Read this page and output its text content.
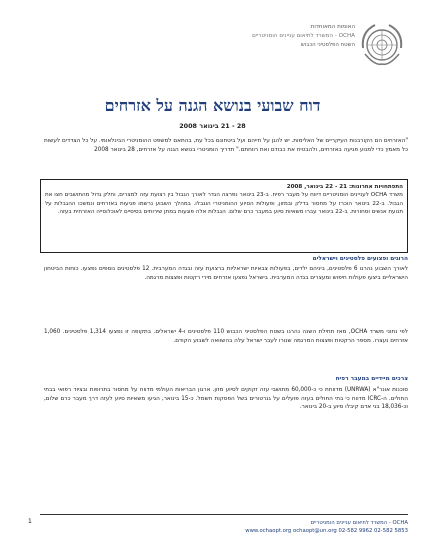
האומות המאוחדות
OCHA - המשרד לתיאום עניינים הומניטריים
השטח הפלסטיני הכבוש
דוח שבועי בנושא הגנה על אזרחים
28 - 21 בינואר 2008
"האזרחים הם הקורבנות העיקריים של האלימות. יש להגן על חייהם ועל ביטחונם בכל עת, בהתאם למשפט ההומניטרי הבינלאומי. על כל הצדדים לעשות כל מאמץ כדי למנוע פגיעה באזרחים, ולהבטיח את כבודם ואת רווחתם." תדריך הומניטרי בנושא הגנה על אזרחים, 28 בינואר 2008
התפתחויות אחרונות: 21 - 22 בינואר, 2008
משרד OCHA לעניינים הומניטריים דיווח על מעבר רפיח. ב-23 בינואר נפרצה הגדר לאורך הגבול בין רצועת עזה למצרים, וחלק גדול מהתושבים חצו את הגבול. ב-22 בינואר הוכרז על מחסור בדלק ובמזון, ופעולות הסיוע ההומניטרי הוגבלו. במהלך השבוע נרשמו פגיעות באזרחים ונמשכו ההגבלות על תנועת אנשים וסחורות. ב-22 בינואר עברו משאיות סיוע במעבר כרם שלום. הגבלות אלה פוגעות במתן שירותים בסיסיים לאוכלוסייה האזרחית בעזה.
הרוגים ופצועים פלסטינים וישראלים
לאורך השבוע נהרגו 6 פלסטינים, ביניהם ילדים, בפעולות צבאיות ישראליות ברצועת עזה ובגדה המערבית. 12 פלסטינים נוספים נפצעו. כוחות הביטחון הישראליים ביצעו פעולות חיפוש ומעצרים בגדה המערבית. בישראל נפצעו אזרחים מירי רקטות ופצצות מרגמה.
לפי נתוני משרד OCHA, מאז תחילת השנה נהרגו בשטח הפלסטיני הכבוש 110 פלסטינים ו-4 ישראלים. בתקופה זו נפצעו 1,314 פלסטינים. 1,060 אזרחים נעצרו. מספר הרקטות ופצצות המרגמה שנורו לעבר ישראל עלה בהשוואה לשבוע הקודם.
צרכים מיידיים במעבר רפיח
סוכנות אונר"א (UNRWA) מדווחת כי כ-60,000 מתושבי עזה זקוקים לסיוע מזון. ארגון הבריאות העולמי מדווח על מחסור בתרופות ובציוד רפואי בבתי החולים. ה-ICRC מדווח כי בתי החולים בעזה פועלים על גנרטורים בשל הפסקות חשמל. כ-15 בינואר, הגיעו משאיות סיוע לעזה דרך מעבר כרם שלום, וכ-18,036 בני אדם קיבלו סיוע ב-20 בינואר.
1	OCHA - המשרד לתיאום עניינים הומניטריים
www.ochaopt.org ochaopt@un.org 02-582 9962 02-582 5853
